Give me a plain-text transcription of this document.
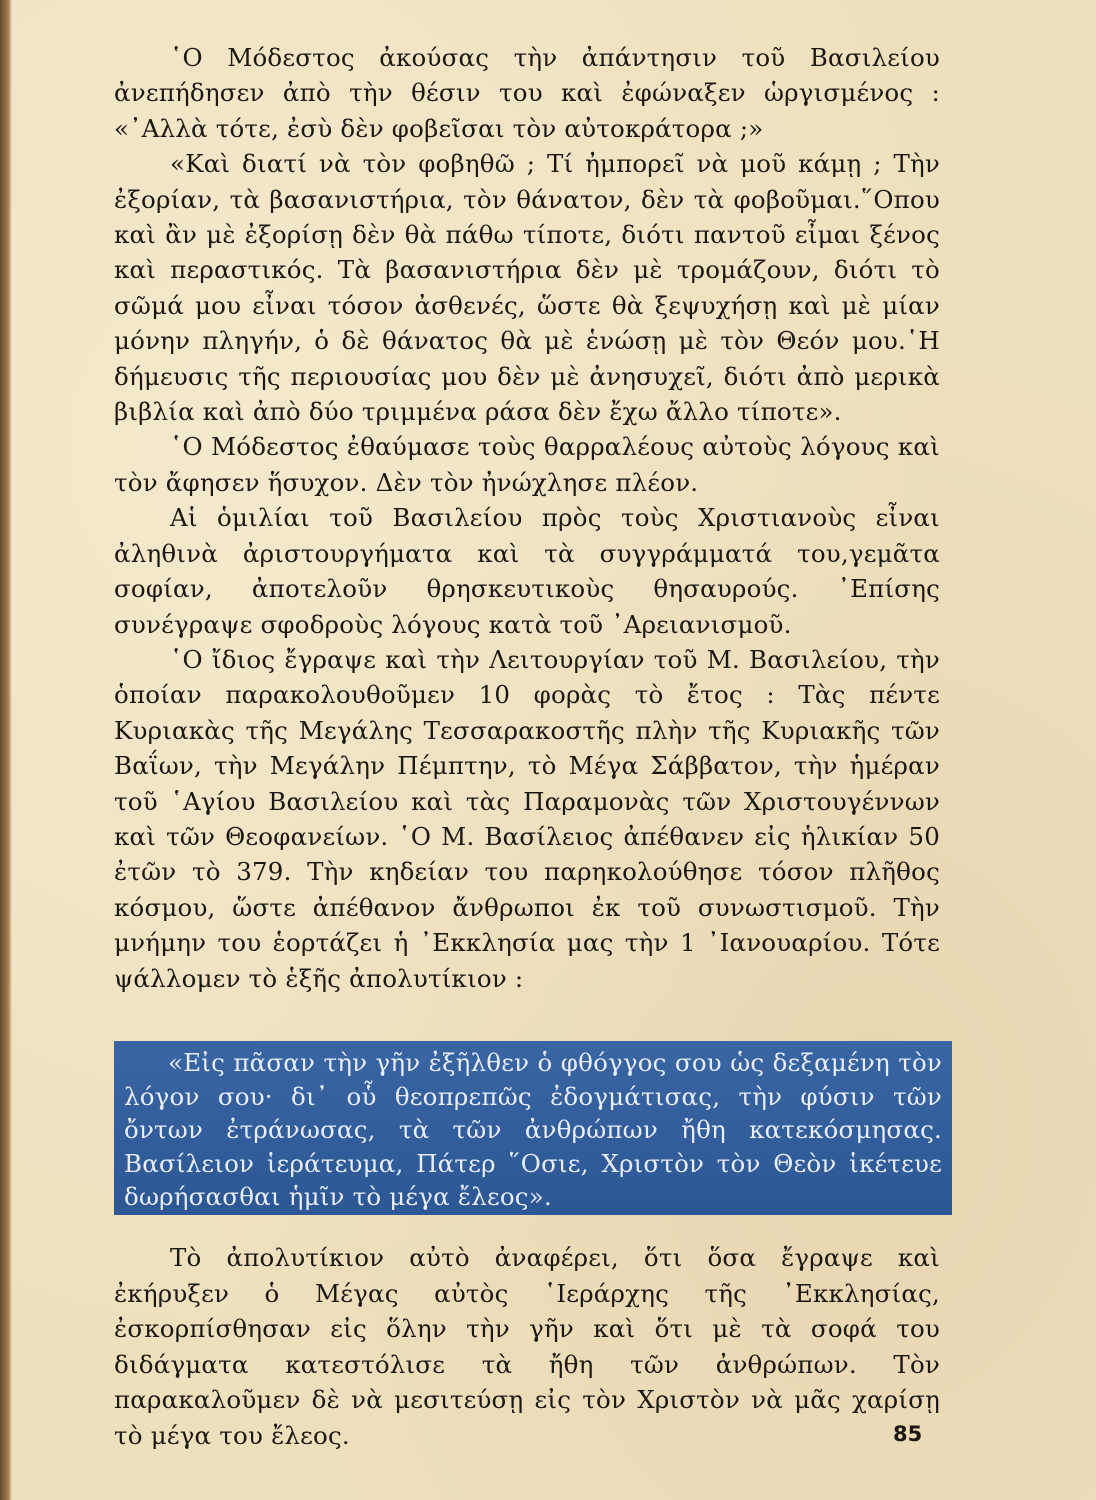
῾Ο Μόδεστος ἀκούσας τὴν ἀπάντησιν τοῦ Βασιλείου ἀνεπήδησεν ἀπὸ τὴν θέσιν του καὶ ἐφώναξεν ὡργισμένος : «᾿Αλλὰ τότε, ἐσὺ δὲν φοβεῖσαι τὸν αὐτοκράτορα ;»

«Καὶ διατί νὰ τὸν φοβηθῶ ; Τί ἠμπορεῖ νὰ μοῦ κάμῃ ; Τὴν ἐξορίαν, τὰ βασανιστήρια, τὸν θάνατον, δὲν τὰ φοβοῦμαι.῞Οπου καὶ ἂν μὲ ἐξορίσῃ δὲν θὰ πάθω τίποτε, διότι παντοῦ εἶμαι ξένος καὶ περαστικός. Τὰ βασανιστήρια δὲν μὲ τρομάζουν, διότι τὸ σῶμά μου εἶναι τόσον ἀσθενές, ὥστε θὰ ξεψυχήσῃ καὶ μὲ μίαν μόνην πληγήν, ὁ δὲ θάνατος θὰ μὲ ἑνώσῃ μὲ τὸν Θεόν μου.῾Η δήμευσις τῆς περιουσίας μου δὲν μὲ ἀνησυχεῖ, διότι ἀπὸ μερικὰ βιβλία καὶ ἀπὸ δύο τριμμένα ράσα δὲν ἔχω ἄλλο τίποτε».

῾Ο Μόδεστος ἐθαύμασε τοὺς θαρραλέους αὐτοὺς λόγους καὶ τὸν ἄφησεν ἥσυχον. Δὲν τὸν ἠνώχλησε πλέον.

Αἱ ὁμιλίαι τοῦ Βασιλείου πρὸς τοὺς Χριστιανοὺς εἶναι ἀληθινὰ ἀριστουργήματα καὶ τὰ συγγράμματά του,γεμᾶτα σοφίαν, ἀποτελοῦν θρησκευτικοὺς θησαυρούς. ᾿Επίσης συνέγραψε σφοδροὺς λόγους κατὰ τοῦ ᾿Αρειανισμοῦ.

῾Ο ἴδιος ἔγραψε καὶ τὴν Λειτουργίαν τοῦ Μ. Βασιλείου, τὴν ὁποίαν παρακολουθοῦμεν 10 φορὰς τὸ ἔτος : Τὰς πέντε Κυριακὰς τῆς Μεγάλης Τεσσαρακοστῆς πλὴν τῆς Κυριακῆς τῶν Βαΐων, τὴν Μεγάλην Πέμπτην, τὸ Μέγα Σάββατον, τὴν ἡμέραν τοῦ ῾Αγίου Βασιλείου καὶ τὰς Παραμονὰς τῶν Χριστουγέννων καὶ τῶν Θεοφανείων. ῾Ο Μ. Βασίλειος ἀπέθανεν εἰς ἡλικίαν 50 ἐτῶν τὸ 379. Τὴν κηδείαν του παρηκολούθησε τόσον πλῆθος κόσμου, ὥστε ἀπέθανον ἄνθρωποι ἐκ τοῦ συνωστισμοῦ. Τὴν μνήμην του ἑορτάζει ἡ ᾿Εκκλησία μας τὴν 1 ᾿Ιανουαρίου. Τότε ψάλλομεν τὸ ἑξῆς ἀπολυτίκιον :

«Εἰς πᾶσαν τὴν γῆν ἐξῆλθεν ὁ φθόγγος σου ὡς δεξαμένη τὸν λόγον σου· δι᾿ οὗ θεοπρεπῶς ἐδογμάτισας, τὴν φύσιν τῶν ὄντων ἐτράνωσας, τὰ τῶν ἀνθρώπων ἤθη κατεκόσμησας. Βασίλειον ἱεράτευμα, Πάτερ ῞Οσιε, Χριστὸν τὸν Θεὸν ἱκέτευε δωρήσασθαι ἡμῖν τὸ μέγα ἔλεος».

Τὸ ἀπολυτίκιον αὐτὸ ἀναφέρει, ὅτι ὅσα ἔγραψε καὶ ἐκήρυξεν ὁ Μέγας αὐτὸς ῾Ιεράρχης τῆς ᾿Εκκλησίας, ἐσκορπίσθησαν εἰς ὅλην τὴν γῆν καὶ ὅτι μὲ τὰ σοφά του διδάγματα κατεστόλισε τὰ ἤθη τῶν ἀνθρώπων. Τὸν παρακαλοῦμεν δὲ νὰ μεσιτεύσῃ εἰς τὸν Χριστὸν νὰ μᾶς χαρίσῃ τὸ μέγα του ἔλεος.	85
